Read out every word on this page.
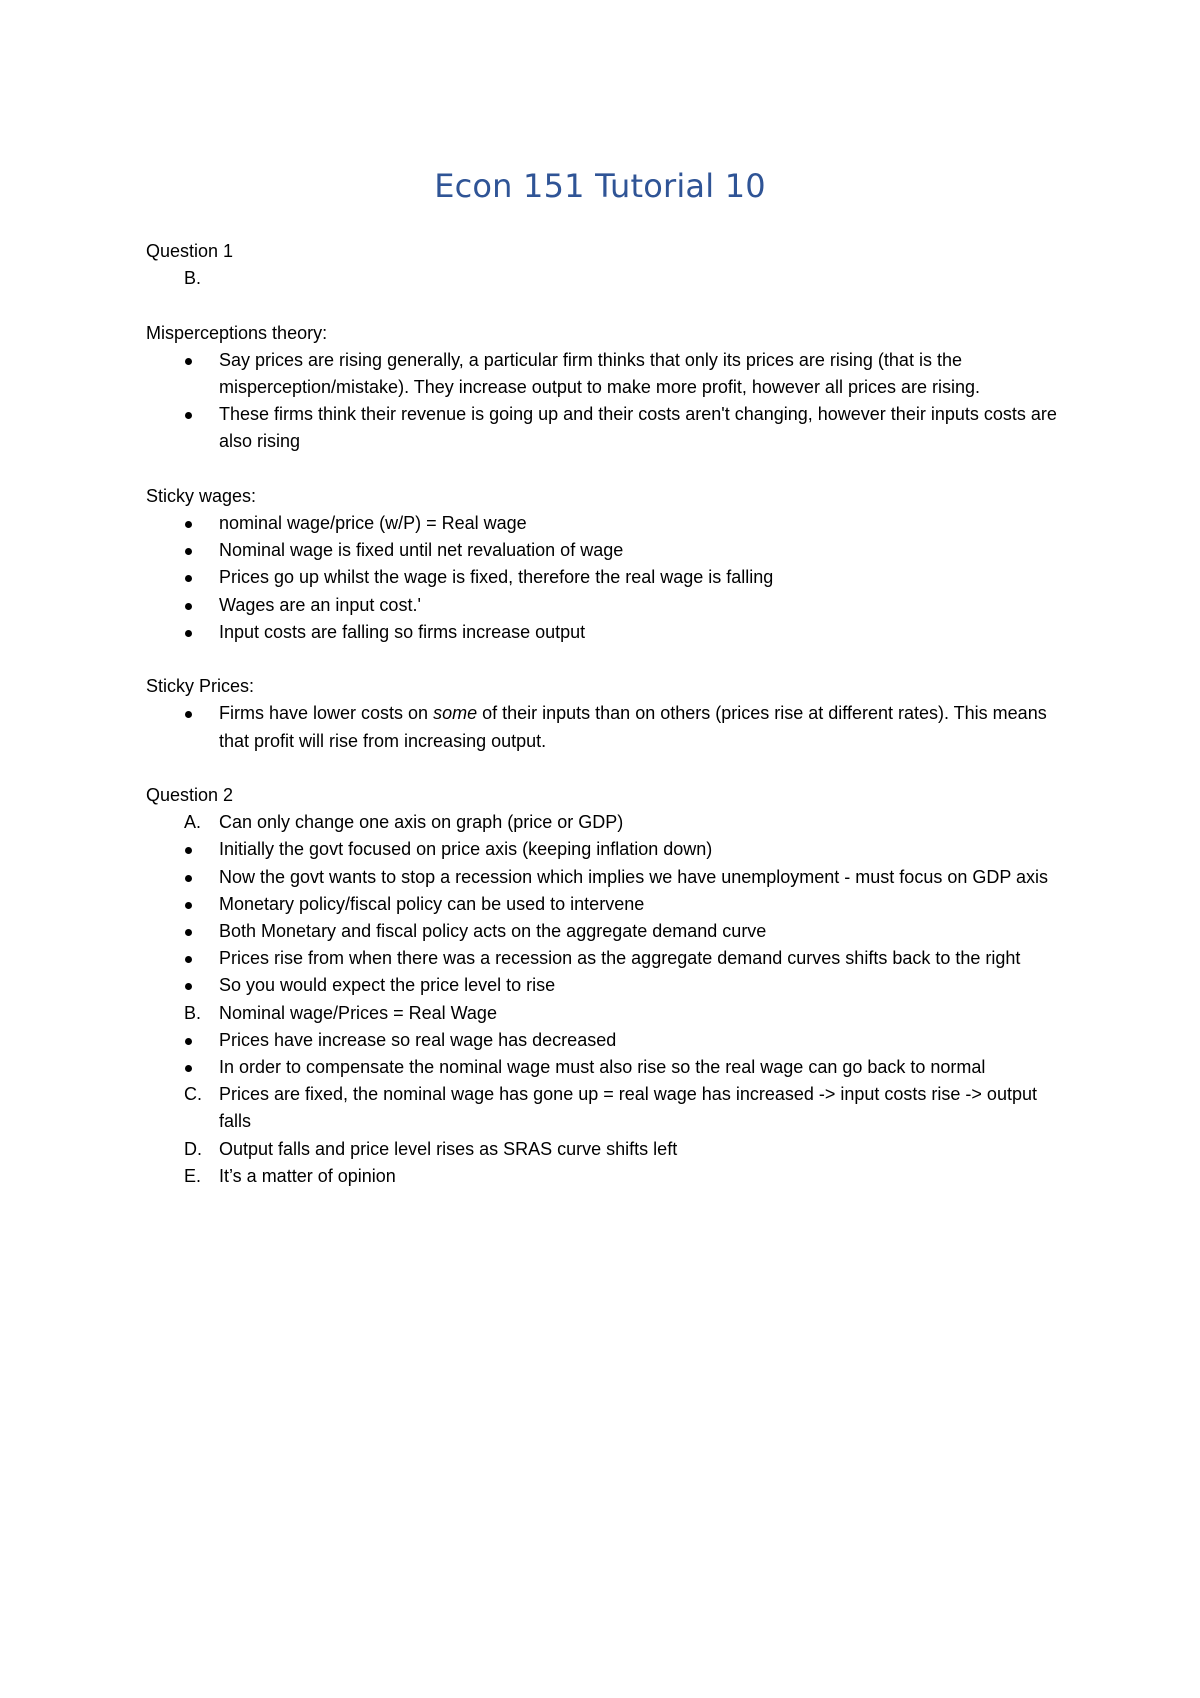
Econ 151 Tutorial 10

Question 1

B.

Misperceptions theory:

Say prices are rising generally, a particular firm thinks that only its prices are rising (that is the misperception/mistake). They increase output to make more profit, however all prices are rising.

These firms think their revenue is going up and their costs aren't changing, however their inputs costs are also rising

Sticky wages:

nominal wage/price (w/P) = Real wage

Nominal wage is fixed until net revaluation of wage

Prices go up whilst the wage is fixed, therefore the real wage is falling

Wages are an input cost.'

Input costs are falling so firms increase output

Sticky Prices:

Firms have lower costs on some of their inputs than on others (prices rise at different rates). This means that profit will rise from increasing output.

Question 2

A. Can only change one axis on graph (price or GDP)

Initially the govt focused on price axis (keeping inflation down)

Now the govt wants to stop a recession which implies we have unemployment - must focus on GDP axis

Monetary policy/fiscal policy can be used to intervene

Both Monetary and fiscal policy acts on the aggregate demand curve

Prices rise from when there was a recession as the aggregate demand curves shifts back to the right

So you would expect the price level to rise

B. Nominal wage/Prices = Real Wage

Prices have increase so real wage has decreased

In order to compensate the nominal wage must also rise so the real wage can go back to normal

C. Prices are fixed, the nominal wage has gone up = real wage has increased -> input costs rise -> output falls

D. Output falls and price level rises as SRAS curve shifts left

E. It’s a matter of opinion
